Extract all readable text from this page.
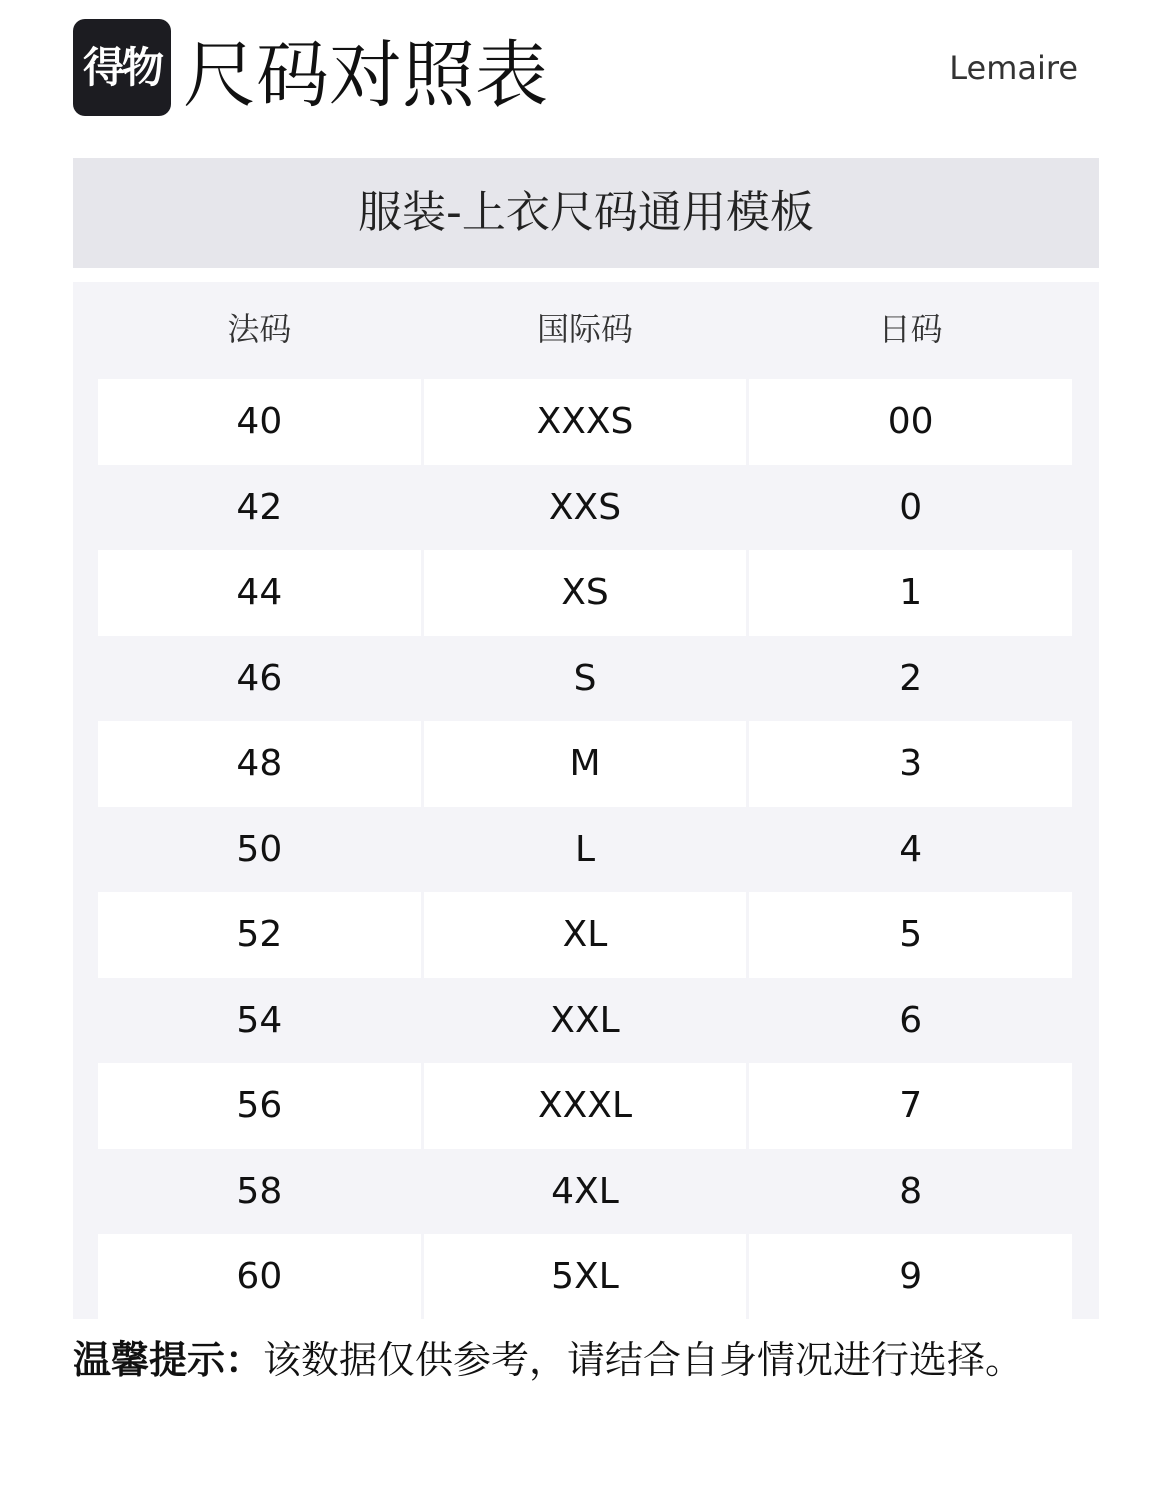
得物 尺码对照表	Lemaire
服装-上衣尺码通用模板
法码	国际码	日码
40	XXXS	00
42	XXS	0
44	XS	1
46	S	2
48	M	3
50	L	4
52	XL	5
54	XXL	6
56	XXXL	7
58	4XL	8
60	5XL	9
温馨提示：该数据仅供参考，请结合自身情况进行选择。
